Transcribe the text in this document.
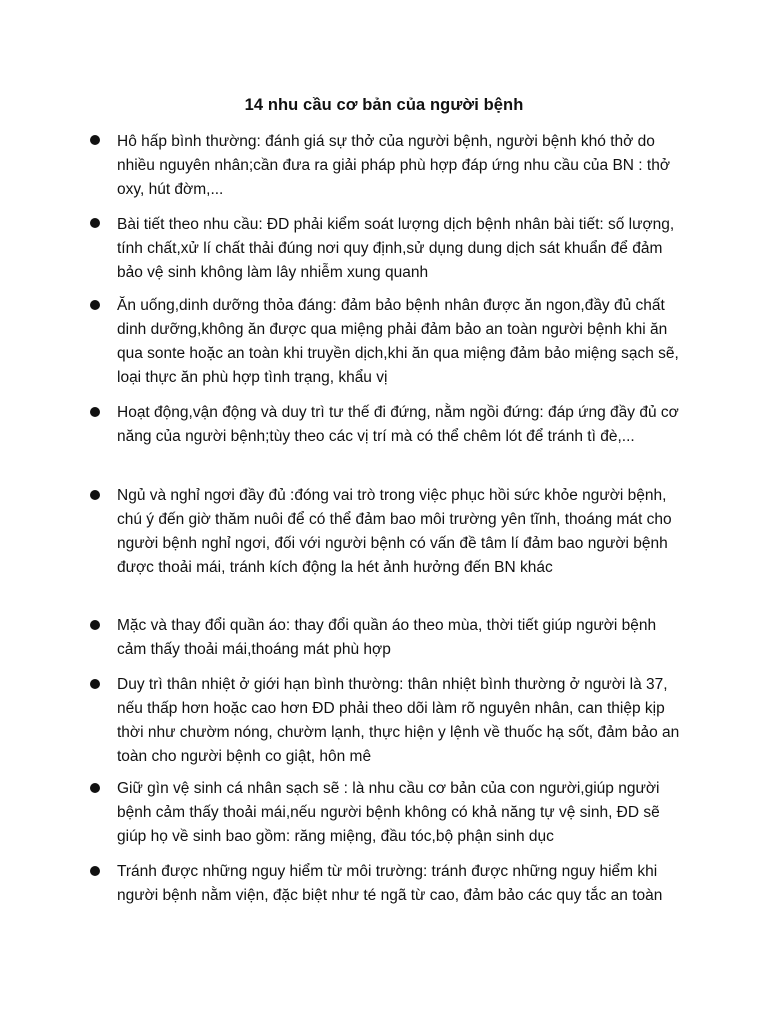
14 nhu cầu cơ bản của người bệnh
Hô hấp bình thường: đánh giá sự thở của người bệnh, người bệnh khó thở do nhiều nguyên nhân;cần đưa ra giải pháp phù hợp đáp ứng nhu cầu của BN : thở oxy, hút đờm,...
Bài tiết theo nhu cầu: ĐD phải kiểm soát lượng dịch bệnh nhân bài tiết: số lượng, tính chất,xử lí chất thải đúng nơi quy định,sử dụng dung dịch sát khuẩn để đảm bảo vệ sinh không làm lây nhiễm xung quanh
Ăn uống,dinh dưỡng thỏa đáng: đảm bảo bệnh nhân được ăn ngon,đầy đủ chất dinh dưỡng,không ăn được qua miệng phải đảm bảo an toàn người bệnh khi ăn qua sonte hoặc an toàn khi truyền dịch,khi ăn qua miệng đảm bảo miệng sạch sẽ, loại thực ăn phù hợp tình trạng, khẩu vị
Hoạt động,vận động và duy trì tư thế đi đứng, nằm ngồi đứng: đáp ứng đầy đủ cơ năng của người bệnh;tùy theo các vị trí mà có thể chêm lót để tránh tì đè,...
Ngủ và nghỉ ngơi đầy đủ :đóng vai trò trong việc phục hồi sức khỏe người bệnh, chú ý đến giờ thăm nuôi để có thể đảm bao môi trường yên tĩnh, thoáng mát cho người bệnh nghỉ ngơi, đối với người bệnh có vấn đề tâm lí đảm bao người bệnh được thoải mái, tránh kích động la hét ảnh hưởng đến BN khác
Mặc và thay đổi quần áo: thay đổi quần áo theo mùa, thời tiết giúp người bệnh cảm thấy thoải mái,thoáng mát phù hợp
Duy trì thân nhiệt ở giới hạn bình thường: thân nhiệt bình thường ở người là 37, nếu thấp hơn hoặc cao hơn ĐD phải theo dõi làm rõ nguyên nhân, can thiệp kịp thời như chườm nóng, chườm lạnh, thực hiện y lệnh về thuốc hạ sốt, đảm bảo an toàn cho người bệnh co giật, hôn mê
Giữ gìn vệ sinh cá nhân sạch sẽ : là nhu cầu cơ bản của con người,giúp người bệnh cảm thấy thoải mái,nếu người bệnh không có khả năng tự vệ sinh, ĐD sẽ giúp họ về sinh bao gồm: răng miệng, đầu tóc,bộ phận sinh dục
Tránh được những nguy hiểm từ môi trường: tránh được những nguy hiểm khi người bệnh nằm viện, đặc biệt như té ngã từ cao, đảm bảo các quy tắc an toàn
